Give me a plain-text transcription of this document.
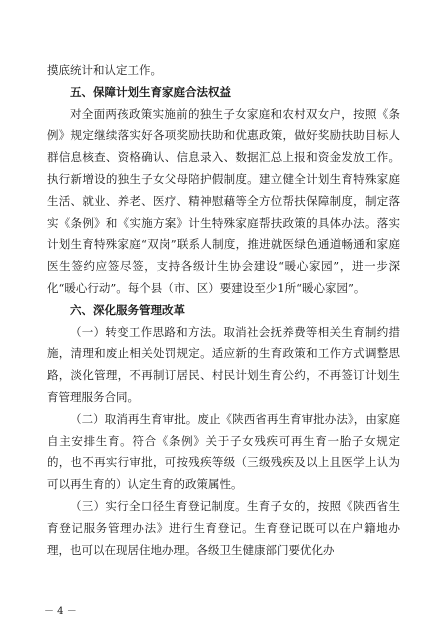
摸底统计和认定工作。

五、保障计划生育家庭合法权益

对全面两孩政策实施前的独生子女家庭和农村双女户，按照《条例》规定继续落实好各项奖励扶助和优惠政策，做好奖励扶助目标人群信息核查、资格确认、信息录入、数据汇总上报和资金发放工作。执行新增设的独生子女父母陪护假制度。建立健全计划生育特殊家庭生活、就业、养老、医疗、精神慰藉等全方位帮扶保障制度，制定落实《条例》和《实施方案》计生特殊家庭帮扶政策的具体办法。落实计划生育特殊家庭“双岗”联系人制度，推进就医绿色通道畅通和家庭医生签约应签尽签，支持各级计生协会建设“暖心家园”，进一步深化“暖心行动”。每个县（市、区）要建设至少1所“暖心家园”。

六、深化服务管理改革

（一）转变工作思路和方法。取消社会抚养费等相关生育制约措施，清理和废止相关处罚规定。适应新的生育政策和工作方式调整思路，淡化管理，不再制订居民、村民计划生育公约，不再签订计划生育管理服务合同。

（二）取消再生育审批。废止《陕西省再生育审批办法》，由家庭自主安排生育。符合《条例》关于子女残疾可再生育一胎子女规定的，也不再实行审批，可按残疾等级（三级残疾及以上且医学上认为可以再生育的）认定生育的政策属性。

（三）实行全口径生育登记制度。生育子女的，按照《陕西省生育登记服务管理办法》进行生育登记。生育登记既可以在户籍地办理，也可以在现居住地办理。各级卫生健康部门要优化办

－ 4 －
